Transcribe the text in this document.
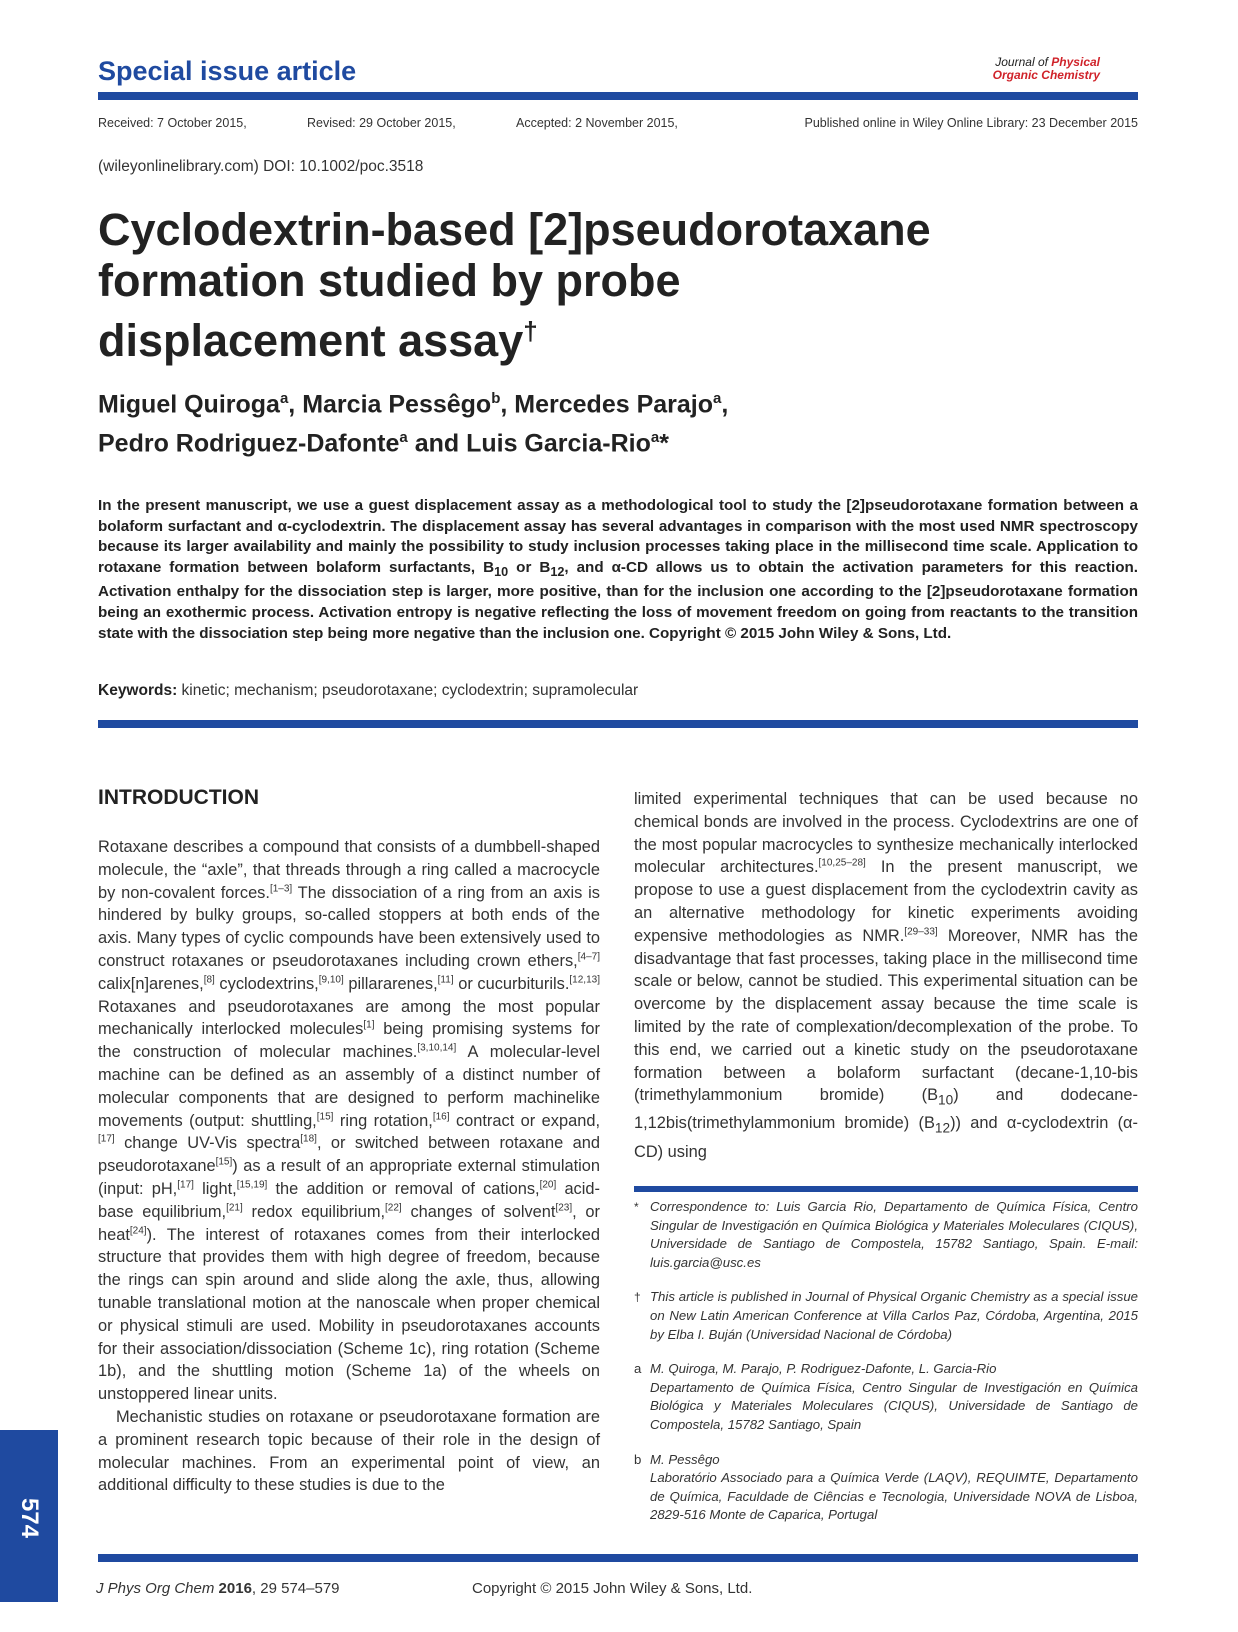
Special issue article	Journal of Physical
Organic Chemistry
Received: 7 October 2015,	Revised: 29 October 2015,	Accepted: 2 November 2015,	Published online in Wiley Online Library: 23 December 2015
(wileyonlinelibrary.com) DOI: 10.1002/poc.3518
Cyclodextrin-based [2]pseudorotaxane
formation studied by probe
displacement assay†
Miguel Quiroga$^a$, Marcia Pessêgo$^b$, Mercedes Parajo$^a$,
Pedro Rodriguez-Dafonte$^a$ and Luis Garcia-Rio$^a$*
In the present manuscript, we use a guest displacement assay as a methodological tool to study the [2]pseudorotaxane formation between a bolaform surfactant and α-cyclodextrin. The displacement assay has several advantages in comparison with the most used NMR spectroscopy because its larger availability and mainly the possibility to study inclusion processes taking place in the millisecond time scale. Application to rotaxane formation between bolaform surfactants, $B_{10}$ or $B_{12}$, and α-CD allows us to obtain the activation parameters for this reaction. Activation enthalpy for the dissociation step is larger, more positive, than for the inclusion one according to the [2]pseudorotaxane formation being an exothermic process. Activation entropy is negative reflecting the loss of movement freedom on going from reactants to the transition state with the dissociation step being more negative than the inclusion one. Copyright © 2015 John Wiley & Sons, Ltd.
Keywords: kinetic; mechanism; pseudorotaxane; cyclodextrin; supramolecular
INTRODUCTION
Rotaxane describes a compound that consists of a dumbbell-shaped molecule, the “axle”, that threads through a ring called a macrocycle by non-covalent forces.[1–3] The dissociation of a ring from an axis is hindered by bulky groups, so-called stoppers at both ends of the axis. Many types of cyclic compounds have been extensively used to construct rotaxanes or pseudorotaxanes including crown ethers,[4–7] calix[n]arenes,[8] cyclodextrins,[9,10] pillararenes,[11] or cucurbiturils.[12,13] Rotaxanes and pseudorotaxanes are among the most popular mechanically interlocked molecules[1] being promising systems for the construction of molecular machines.[3,10,14] A molecular-level machine can be defined as an assembly of a distinct number of molecular components that are designed to perform machinelike movements (output: shuttling,[15] ring rotation,[16] contract or expand,[17] change UV-Vis spectra[18], or switched between rotaxane and pseudorotaxane[15]) as a result of an appropriate external stimulation (input: pH,[17] light,[15,19] the addition or removal of cations,[20] acid-base equilibrium,[21] redox equilibrium,[22] changes of solvent[23], or heat[24]). The interest of rotaxanes comes from their interlocked structure that provides them with high degree of freedom, because the rings can spin around and slide along the axle, thus, allowing tunable translational motion at the nanoscale when proper chemical or physical stimuli are used. Mobility in pseudorotaxanes accounts for their association/dissociation (Scheme 1c), ring rotation (Scheme 1b), and the shuttling motion (Scheme 1a) of the wheels on unstoppered linear units.
Mechanistic studies on rotaxane or pseudorotaxane formation are a prominent research topic because of their role in the design of molecular machines. From an experimental point of view, an additional difficulty to these studies is due to the
limited experimental techniques that can be used because no chemical bonds are involved in the process. Cyclodextrins are one of the most popular macrocycles to synthesize mechanically interlocked molecular architectures.[10,25–28] In the present manuscript, we propose to use a guest displacement from the cyclodextrin cavity as an alternative methodology for kinetic experiments avoiding expensive methodologies as NMR.[29–33] Moreover, NMR has the disadvantage that fast processes, taking place in the millisecond time scale or below, cannot be studied. This experimental situation can be overcome by the displacement assay because the time scale is limited by the rate of complexation/decomplexation of the probe. To this end, we carried out a kinetic study on the pseudorotaxane formation between a bolaform surfactant (decane-1,10-bis (trimethylammonium bromide) $(B_{10})$ and dodecane-1,12bis(trimethylammonium bromide) $(B_{12})$) and α-cyclodextrin (α-CD) using
* Correspondence to: Luis Garcia Rio, Departamento de Química Física, Centro Singular de Investigación en Química Biológica y Materiales Moleculares (CIQUS), Universidade de Santiago de Compostela, 15782 Santiago, Spain. E-mail: luis.garcia@usc.es
† This article is published in Journal of Physical Organic Chemistry as a special issue on New Latin American Conference at Villa Carlos Paz, Córdoba, Argentina, 2015 by Elba I. Buján (Universidad Nacional de Córdoba)
a M. Quiroga, M. Parajo, P. Rodriguez-Dafonte, L. Garcia-Rio
Departamento de Química Física, Centro Singular de Investigación en Química Biológica y Materiales Moleculares (CIQUS), Universidade de Santiago de Compostela, 15782 Santiago, Spain
b M. Pessêgo
Laboratório Associado para a Química Verde (LAQV), REQUIMTE, Departamento de Química, Faculdade de Ciências e Tecnologia, Universidade NOVA de Lisboa, 2829-516 Monte de Caparica, Portugal
574
J Phys Org Chem 2016, 29 574–579	Copyright © 2015 John Wiley & Sons, Ltd.
